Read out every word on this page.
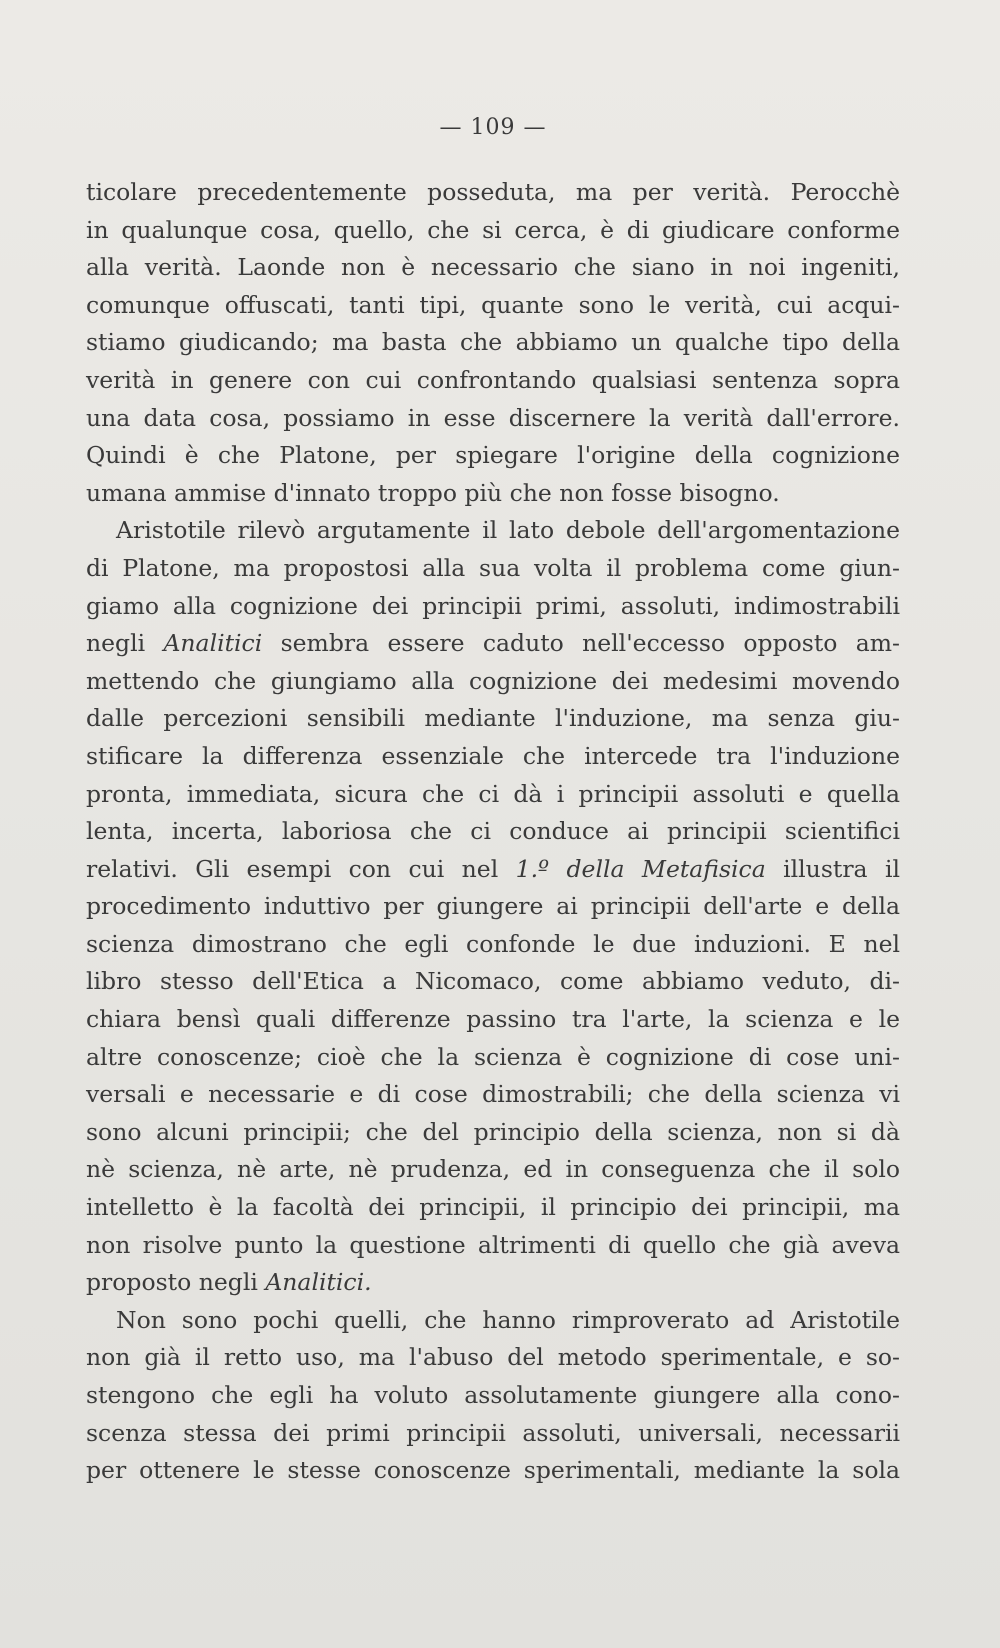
— 109 —

ticolare precedentemente posseduta, ma per verità. Perocchè
in qualunque cosa, quello, che si cerca, è di giudicare conforme
alla verità. Laonde non è necessario che siano in noi ingeniti,
comunque offuscati, tanti tipi, quante sono le verità, cui acqui-
stiamo giudicando; ma basta che abbiamo un qualche tipo della
verità in genere con cui confrontando qualsiasi sentenza sopra
una data cosa, possiamo in esse discernere la verità dall'errore.
Quindi è che Platone, per spiegare l'origine della cognizione
umana ammise d'innato troppo più che non fosse bisogno.

Aristotile rilevò argutamente il lato debole dell'argomentazione
di Platone, ma propostosi alla sua volta il problema come giun-
giamo alla cognizione dei principii primi, assoluti, indimostrabili
negli Analitici sembra essere caduto nell'eccesso opposto am-
mettendo che giungiamo alla cognizione dei medesimi movendo
dalle percezioni sensibili mediante l'induzione, ma senza giu-
stificare la differenza essenziale che intercede tra l'induzione
pronta, immediata, sicura che ci dà i principii assoluti e quella
lenta, incerta, laboriosa che ci conduce ai principii scientifici
relativi. Gli esempi con cui nel 1.º della Metafisica illustra il
procedimento induttivo per giungere ai principii dell'arte e della
scienza dimostrano che egli confonde le due induzioni. E nel
libro stesso dell'Etica a Nicomaco, come abbiamo veduto, di-
chiara bensì quali differenze passino tra l'arte, la scienza e le
altre conoscenze; cioè che la scienza è cognizione di cose uni-
versali e necessarie e di cose dimostrabili; che della scienza vi
sono alcuni principii; che del principio della scienza, non si dà
nè scienza, nè arte, nè prudenza, ed in conseguenza che il solo
intelletto è la facoltà dei principii, il principio dei principii, ma
non risolve punto la questione altrimenti di quello che già aveva
proposto negli Analitici.

Non sono pochi quelli, che hanno rimproverato ad Aristotile
non già il retto uso, ma l'abuso del metodo sperimentale, e so-
stengono che egli ha voluto assolutamente giungere alla cono-
scenza stessa dei primi principii assoluti, universali, necessarii
per ottenere le stesse conoscenze sperimentali, mediante la sola
